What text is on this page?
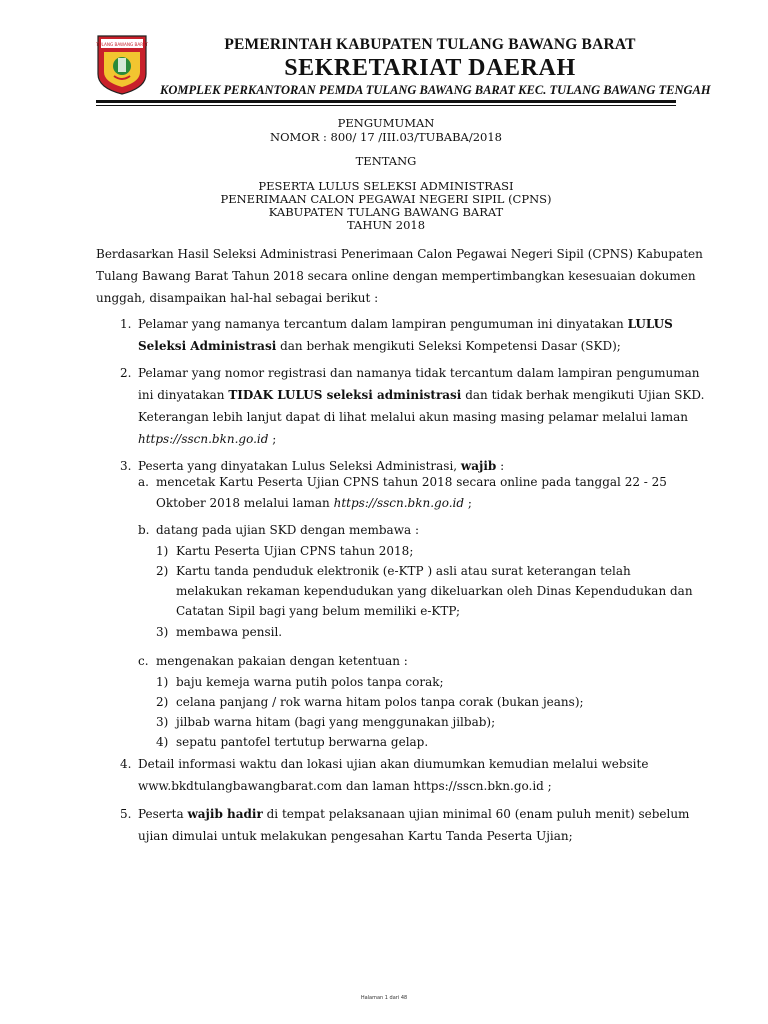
TULANG BAWANG BARAT	PEMERINTAH KABUPATEN TULANG BAWANG BARAT
SEKRETARIAT DAERAH
KOMPLEK PERKANTORAN PEMDA TULANG BAWANG BARAT KEC. TULANG BAWANG TENGAH
PENGUMUMAN
NOMOR : 800/ 17 /III.03/TUBABA/2018
TENTANG
PESERTA LULUS SELEKSI ADMINISTRASI
PENERIMAAN CALON PEGAWAI NEGERI SIPIL (CPNS)
KABUPATEN TULANG BAWANG BARAT
TAHUN 2018
Berdasarkan Hasil Seleksi Administrasi Penerimaan Calon Pegawai Negeri Sipil (CPNS) Kabupaten
Tulang Bawang Barat Tahun 2018 secara online dengan mempertimbangkan kesesuaian dokumen
unggah, disampaikan hal-hal sebagai berikut :
1. Pelamar yang namanya tercantum dalam lampiran pengumuman ini dinyatakan LULUS
Seleksi Administrasi dan berhak mengikuti Seleksi Kompetensi Dasar (SKD);
2. Pelamar yang nomor registrasi dan namanya tidak tercantum dalam lampiran pengumuman
ini dinyatakan TIDAK LULUS seleksi administrasi dan tidak berhak mengikuti Ujian SKD.
Keterangan lebih lanjut dapat di lihat melalui akun masing masing pelamar melalui laman
https://sscn.bkn.go.id ;
3. Peserta yang dinyatakan Lulus Seleksi Administrasi, wajib :
a. mencetak Kartu Peserta Ujian CPNS tahun 2018 secara online pada tanggal 22 - 25
Oktober 2018 melalui laman https://sscn.bkn.go.id ;
b. datang pada ujian SKD dengan membawa :
1) Kartu Peserta Ujian CPNS tahun 2018;
2) Kartu tanda penduduk elektronik (e-KTP ) asli atau surat keterangan telah
melakukan rekaman kependudukan yang dikeluarkan oleh Dinas Kependudukan dan
Catatan Sipil bagi yang belum memiliki e-KTP;
3) membawa pensil.
c. mengenakan pakaian dengan ketentuan :
1) baju kemeja warna putih polos tanpa corak;
2) celana panjang / rok warna hitam polos tanpa corak (bukan jeans);
3) jilbab warna hitam (bagi yang menggunakan jilbab);
4) sepatu pantofel tertutup berwarna gelap.
4. Detail informasi waktu dan lokasi ujian akan diumumkan kemudian melalui website
www.bkdtulangbawangbarat.com dan laman https://sscn.bkn.go.id ;
5. Peserta wajib hadir di tempat pelaksanaan ujian minimal 60 (enam puluh menit) sebelum
ujian dimulai untuk melakukan pengesahan Kartu Tanda Peserta Ujian;
Halaman 1 dari 48
